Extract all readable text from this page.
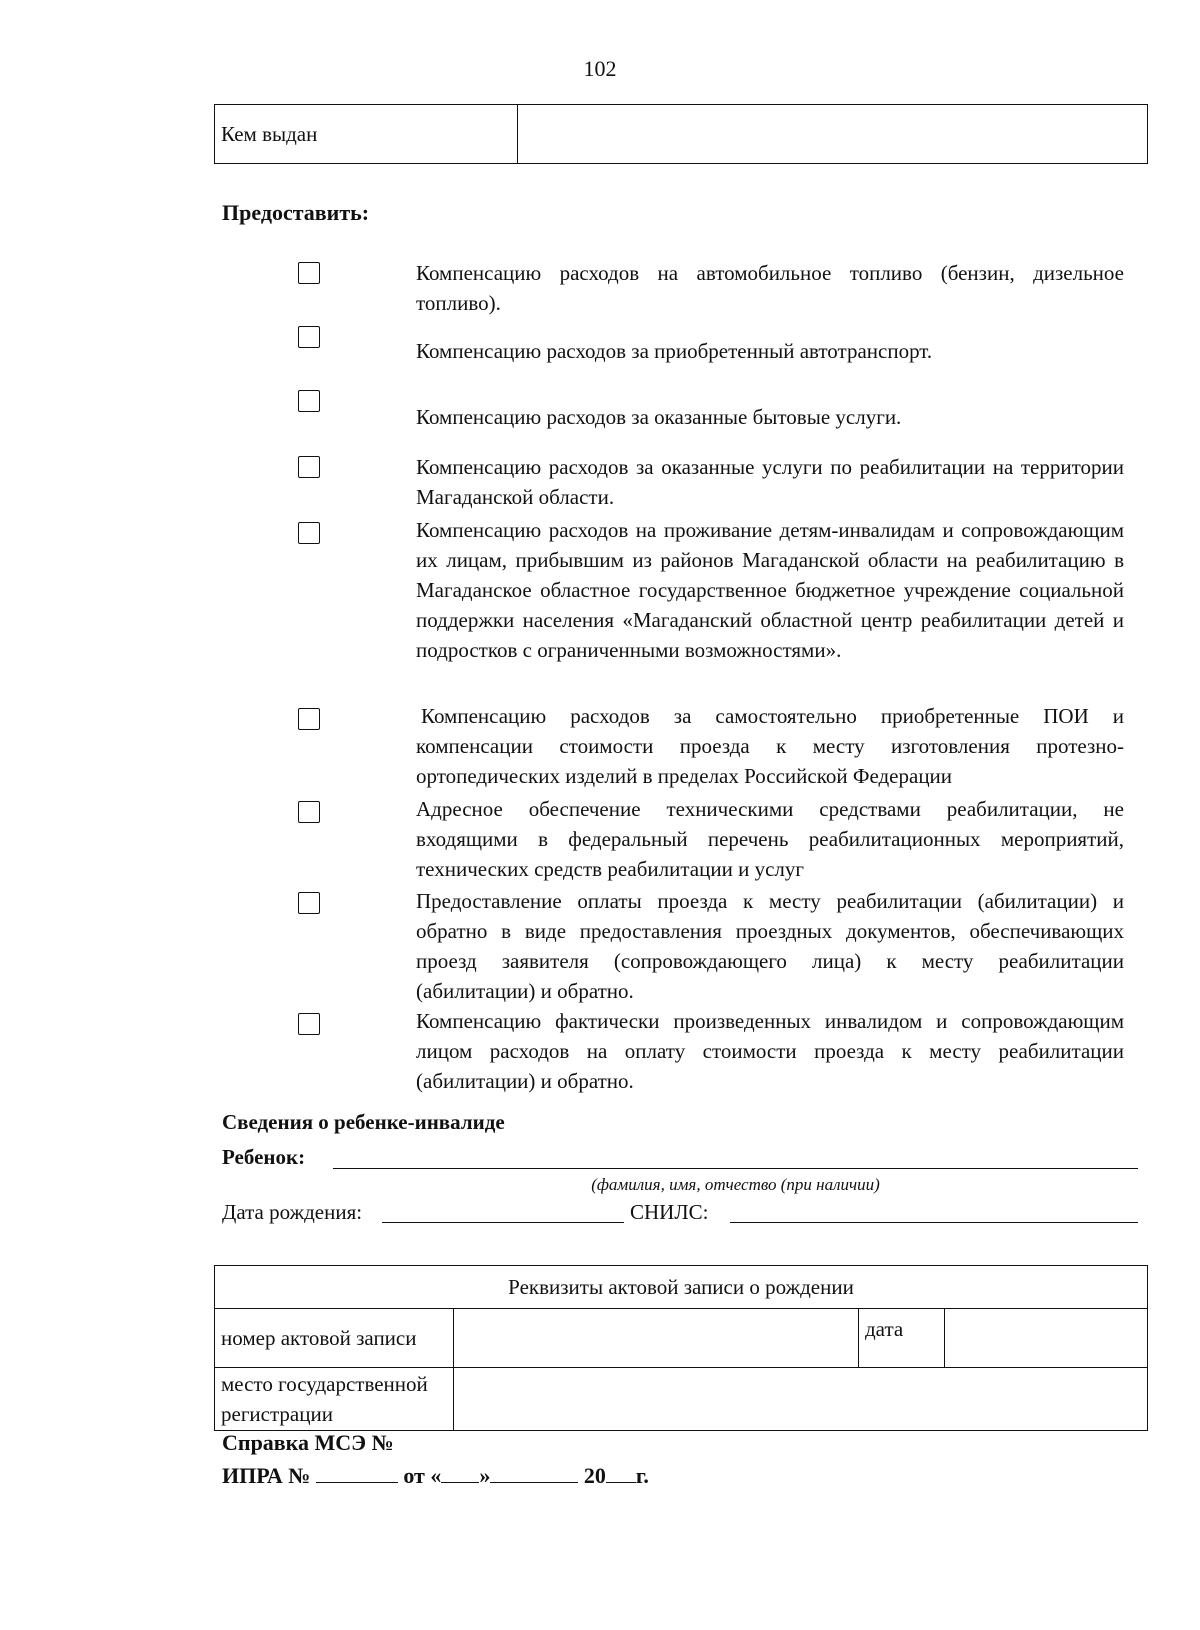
102
Кем выдан	
Предоставить:
Компенсацию расходов на автомобильное топливо (бензин, дизельное топливо).
Компенсацию расходов за приобретенный автотранспорт.
Компенсацию расходов за оказанные бытовые услуги.
Компенсацию расходов за оказанные услуги по реабилитации на территории Магаданской области.
Компенсацию расходов на проживание детям-инвалидам и сопровождающим их лицам, прибывшим из районов Магаданской области на реабилитацию в Магаданское областное государственное бюджетное учреждение социальной поддержки населения «Магаданский областной центр реабилитации детей и подростков с ограниченными возможностями».
Компенсацию расходов за самостоятельно приобретенные ПОИ и компенсации стоимости проезда к месту изготовления протезно-ортопедических изделий в пределах Российской Федерации
Адресное обеспечение техническими средствами реабилитации, не входящими в федеральный перечень реабилитационных мероприятий, технических средств реабилитации и услуг
Предоставление оплаты проезда к месту реабилитации (абилитации) и обратно в виде предоставления проездных документов, обеспечивающих проезд заявителя (сопровождающего лица) к месту реабилитации (абилитации) и обратно.
Компенсацию фактически произведенных инвалидом и сопровождающим лицом расходов на оплату стоимости проезда к месту реабилитации (абилитации) и обратно.
Сведения о ребенке-инвалиде
Ребенок:
(фамилия, имя, отчество (при наличии)
Дата рождения:	СНИЛС:
Реквизиты актовой записи о рождении			
номер актовой записи		дата	
место государственной регистрации			
Справка МСЭ №
ИПРА №	от « »	20 г.
